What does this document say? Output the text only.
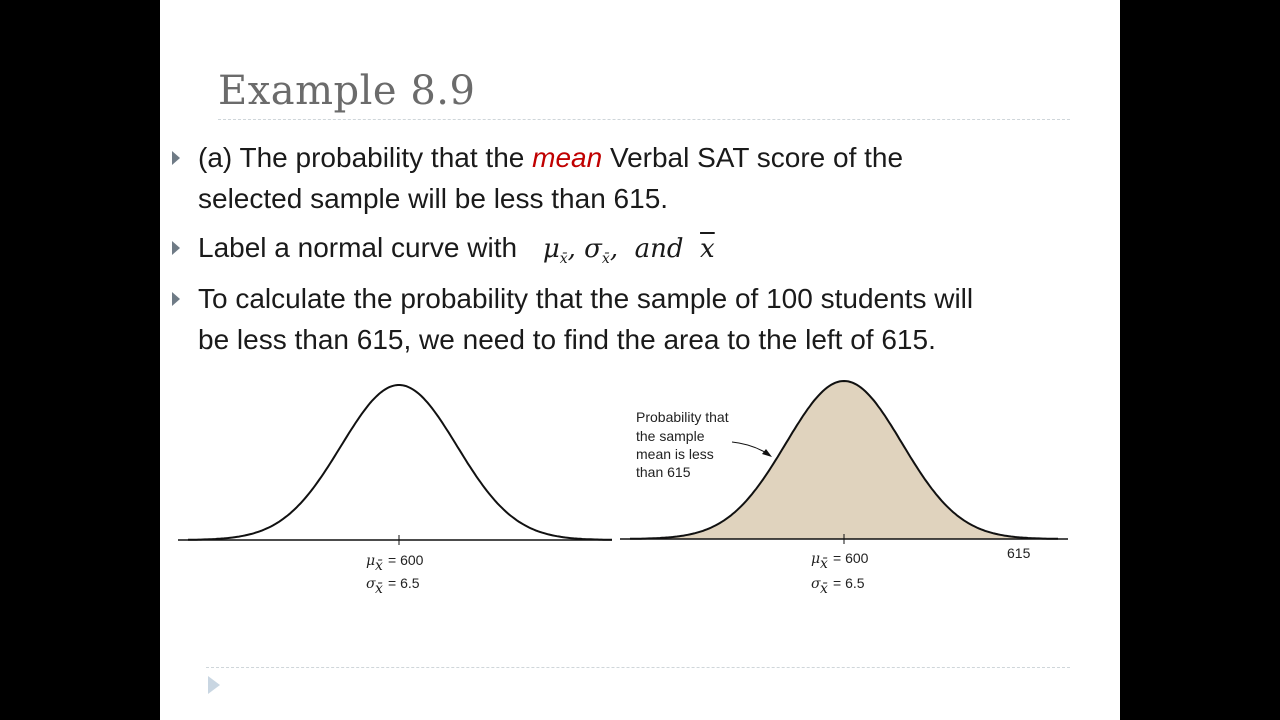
Example 8.9
(a) The probability that the mean Verbal SAT score of the
selected sample will be less than 615.
Label a normal curve with $\mu_{x̄}$, $\sigma_{x̄}$,  and $\overline{x}$
To calculate the probability that the sample of 100 students will
be less than 615, we need to find the area to the left of 615.
μ x̄ = 600
σ x̄ = 6.5
μ x̄ = 600
σ x̄ = 6.5
615
Probability that
the sample
mean is less
than 615
